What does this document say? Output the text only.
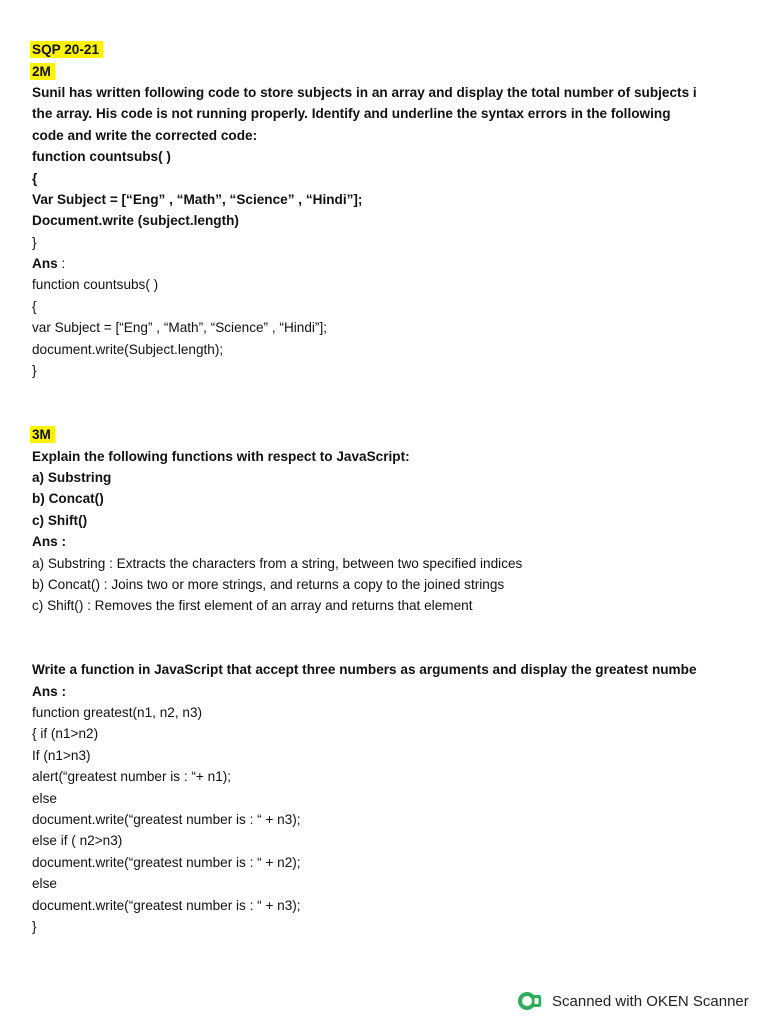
SQP 20-21
2M
Sunil has written following code to store subjects in an array and display the total number of subjects i
the array. His code is not running properly. Identify and underline the syntax errors in the following
code and write the corrected code:
function countsubs( )
{
Var Subject = [“Eng” , “Math”, “Science” , “Hindi”];
Document.write (subject.length)
}
Ans :
function countsubs( )
{
var Subject = [“Eng” , “Math”, “Science” , “Hindi”];
document.write(Subject.length);
}
3M
Explain the following functions with respect to JavaScript:
a) Substring
b) Concat()
c) Shift()
Ans :
a) Substring : Extracts the characters from a string, between two specified indices
b) Concat() : Joins two or more strings, and returns a copy to the joined strings
c) Shift() : Removes the first element of an array and returns that element
Write a function in JavaScript that accept three numbers as arguments and display the greatest numbe
Ans :
function greatest(n1, n2, n3)
{ if (n1>n2)
If (n1>n3)
alert(“greatest number is : “+ n1);
else
document.write(“greatest number is : “ + n3);
else if ( n2>n3)
document.write(“greatest number is : “ + n2);
else
document.write(“greatest number is : “ + n3);
}
Scanned with OKEN Scanner
